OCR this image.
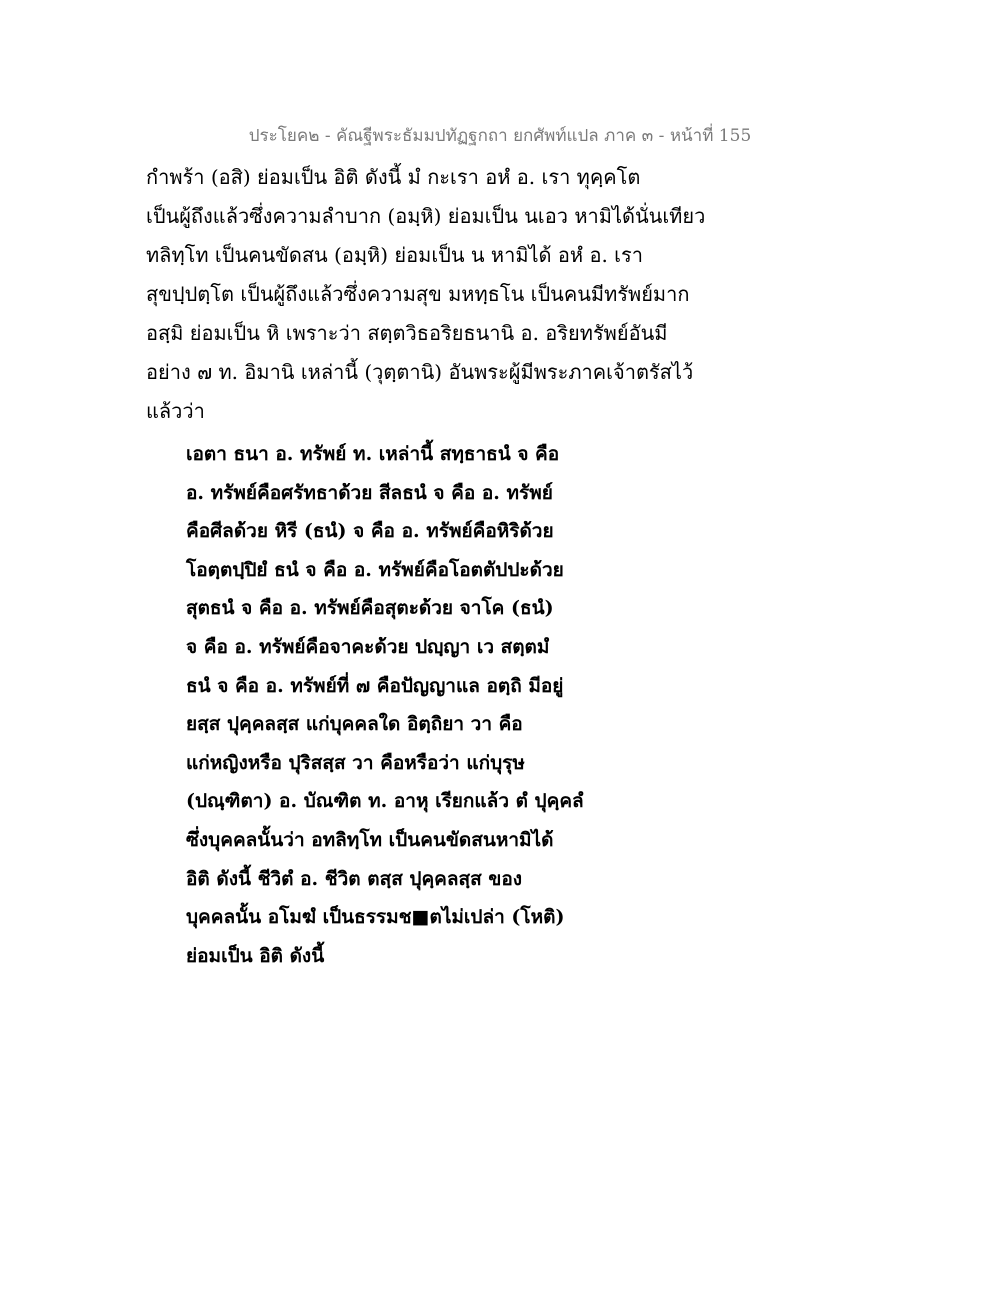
ประโยค๒ - คัณฐีพระธัมมปทัฏฐกถา ยกศัพท์แปล ภาค ๓ - หน้าที่ 155
กำพร้า (อสิ) ย่อมเป็น อิติ ดังนี้ มํ กะเรา อหํ อ. เรา ทุคฺคโต
เป็นผู้ถึงแล้วซึ่งความลำบาก (อมฺหิ) ย่อมเป็น นเอว หามิได้นั่นเทียว
ทลิทฺโท เป็นคนขัดสน (อมฺหิ) ย่อมเป็น น หามิได้ อหํ อ. เรา
สุขปฺปตฺโต เป็นผู้ถึงแล้วซึ่งความสุข มหทฺธโน เป็นคนมีทรัพย์มาก
อสฺมิ ย่อมเป็น หิ เพราะว่า สตฺตวิธอริยธนานิ อ. อริยทรัพย์อันมี
อย่าง ๗ ท. อิมานิ เหล่านี้ (วุตฺตานิ) อันพระผู้มีพระภาคเจ้าตรัสไว้
แล้วว่า
เอตา ธนา อ. ทรัพย์ ท. เหล่านี้ สทฺธาธนํ จ คือ
อ. ทรัพย์คือศรัทธาด้วย สีลธนํ จ คือ อ. ทรัพย์
คือศีลด้วย หิรี (ธนํ) จ คือ อ. ทรัพย์คือหิริด้วย
โอตฺตปฺปิยํ ธนํ จ คือ อ. ทรัพย์คือโอตตัปปะด้วย
สุตธนํ จ คือ อ. ทรัพย์คือสุตะด้วย จาโค (ธนํ)
จ คือ อ. ทรัพย์คือจาคะด้วย ปญฺญา เว สตฺตมํ
ธนํ จ คือ อ. ทรัพย์ที่ ๗ คือปัญญาแล อตฺถิ มีอยู่
ยสฺส ปุคฺคลสฺส แก่บุคคลใด อิตฺถิยา วา คือ
แก่หญิงหรือ ปุริสสฺส วา คือหรือว่า แก่บุรุษ
(ปณฺฑิตา) อ. บัณฑิต ท. อาหุ เรียกแล้ว ตํ ปุคฺคลํ
ซึ่งบุคคลนั้นว่า อทลิทฺโท เป็นคนขัดสนหามิได้
อิติ ดังนี้ ชีวิตํ อ. ชีวิต ตสฺส ปุคฺคลสฺส ของ
บุคคลนั้น อโมฆํ เป็นธรรมช■ตไม่เปล่า (โหติ)
ย่อมเป็น อิติ ดังนี้
